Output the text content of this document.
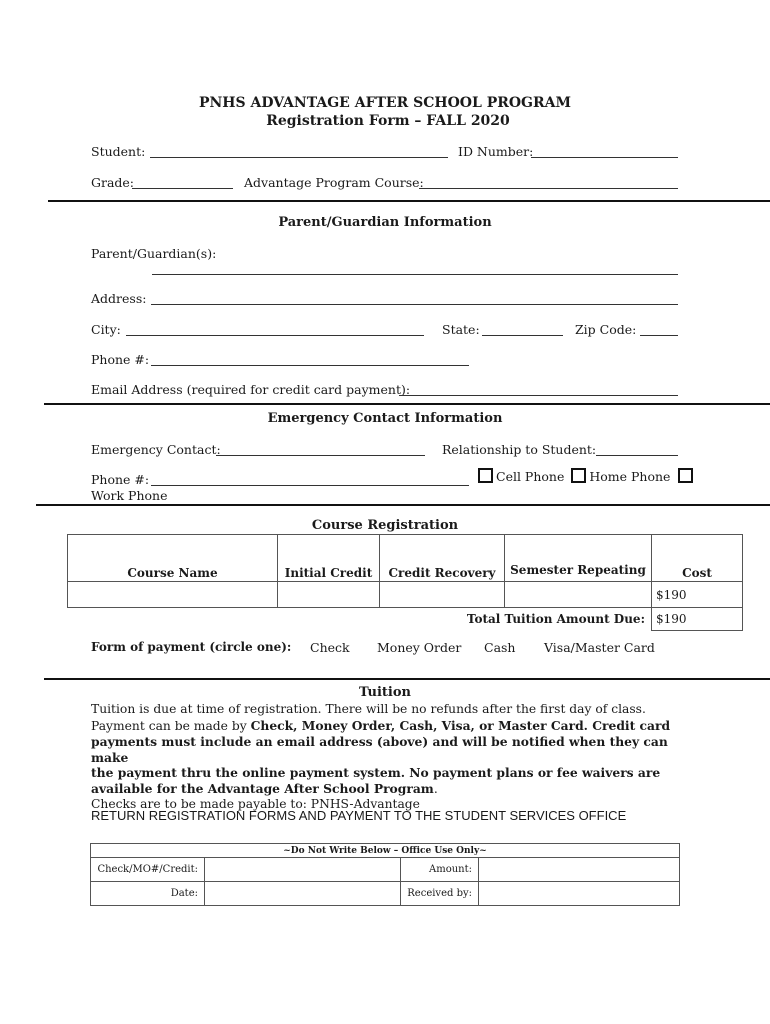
PNHS ADVANTAGE AFTER SCHOOL PROGRAM
Registration Form – FALL 2020
Student:	ID Number:
Grade:	Advantage Program Course:
Parent/Guardian Information
Parent/Guardian(s):
Address:
City:	State:	Zip Code:
Phone #:
Email Address (required for credit card payment):
Emergency Contact Information
Emergency Contact:	Relationship to Student:
Phone #:	Cell Phone Home Phone
Work Phone
Course Registration
Course Name	Initial Credit	Credit Recovery	Semester Repeating	Cost
				$190
Total Tuition Amount Due:				$190
Form of payment (circle one): Check Money Order Cash Visa/Master Card
Tuition
Tuition is due at time of registration. There will be no refunds after the first day of class.
Payment can be made by Check, Money Order, Cash, Visa, or Master Card. Credit card
payments must include an email address (above) and will be notified when they can make
the payment thru the online payment system. No payment plans or fee waivers are
available for the Advantage After School Program.
Checks are to be made payable to: PNHS-Advantage
RETURN REGISTRATION FORMS AND PAYMENT TO THE STUDENT SERVICES OFFICE
~Do Not Write Below – Office Use Only~			
Check/MO#/Credit:		Amount:	
Date:		Received by:	
